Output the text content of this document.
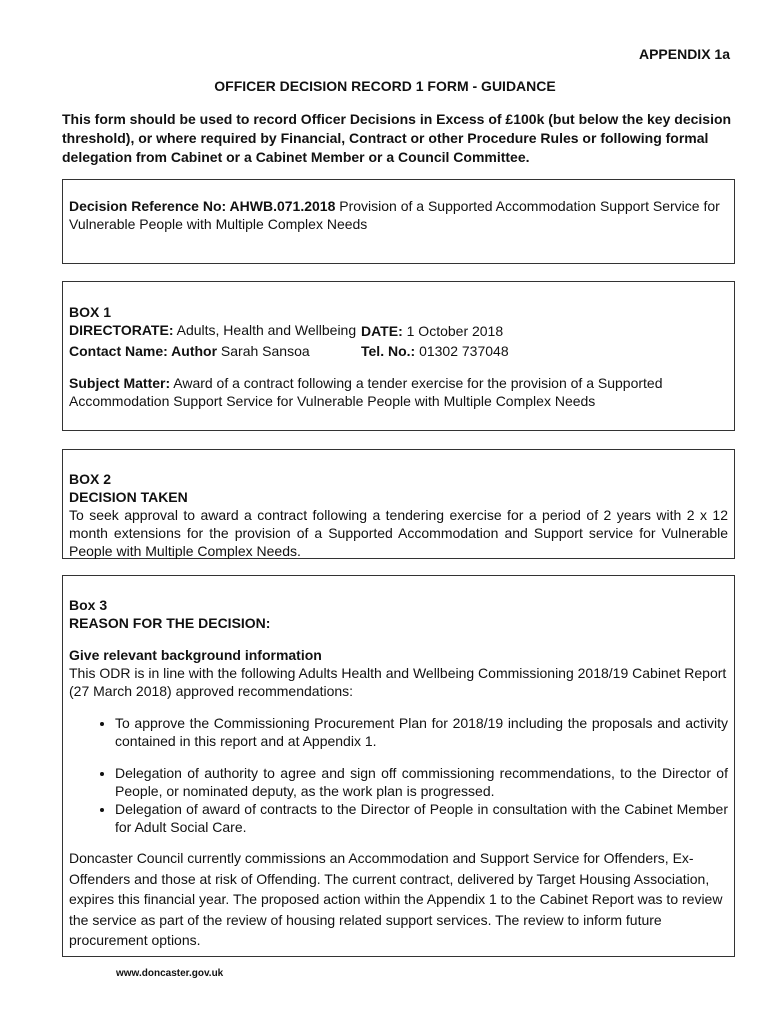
APPENDIX 1a
OFFICER DECISION RECORD 1 FORM - GUIDANCE
This form should be used to record Officer Decisions in Excess of £100k (but below the key decision threshold), or where required by Financial, Contract or other Procedure Rules or following formal delegation from Cabinet or a Cabinet Member or a Council Committee.
Decision Reference No: AHWB.071.2018 Provision of a Supported Accommodation Support Service for Vulnerable People with Multiple Complex Needs
BOX 1
DIRECTORATE: Adults, Health and Wellbeing DATE: 1 October 2018
Contact Name: Author Sarah Sansoa	Tel. No.: 01302 737048
Subject Matter: Award of a contract following a tender exercise for the provision of a Supported Accommodation Support Service for Vulnerable People with Multiple Complex Needs
BOX 2
DECISION TAKEN
To seek approval to award a contract following a tendering exercise for a period of 2 years with 2 x 12 month extensions for the provision of a Supported Accommodation and Support service for Vulnerable People with Multiple Complex Needs.
Box 3
REASON FOR THE DECISION:
Give relevant background information
This ODR is in line with the following Adults Health and Wellbeing Commissioning 2018/19 Cabinet Report (27 March 2018) approved recommendations:
• To approve the Commissioning Procurement Plan for 2018/19 including the proposals and activity contained in this report and at Appendix 1.
• Delegation of authority to agree and sign off commissioning recommendations, to the Director of People, or nominated deputy, as the work plan is progressed.
• Delegation of award of contracts to the Director of People in consultation with the Cabinet Member for Adult Social Care.
Doncaster Council currently commissions an Accommodation and Support Service for Offenders, Ex-Offenders and those at risk of Offending. The current contract, delivered by Target Housing Association, expires this financial year. The proposed action within the Appendix 1 to the Cabinet Report was to review the service as part of the review of housing related support services. The review to inform future procurement options.
www.doncaster.gov.uk
